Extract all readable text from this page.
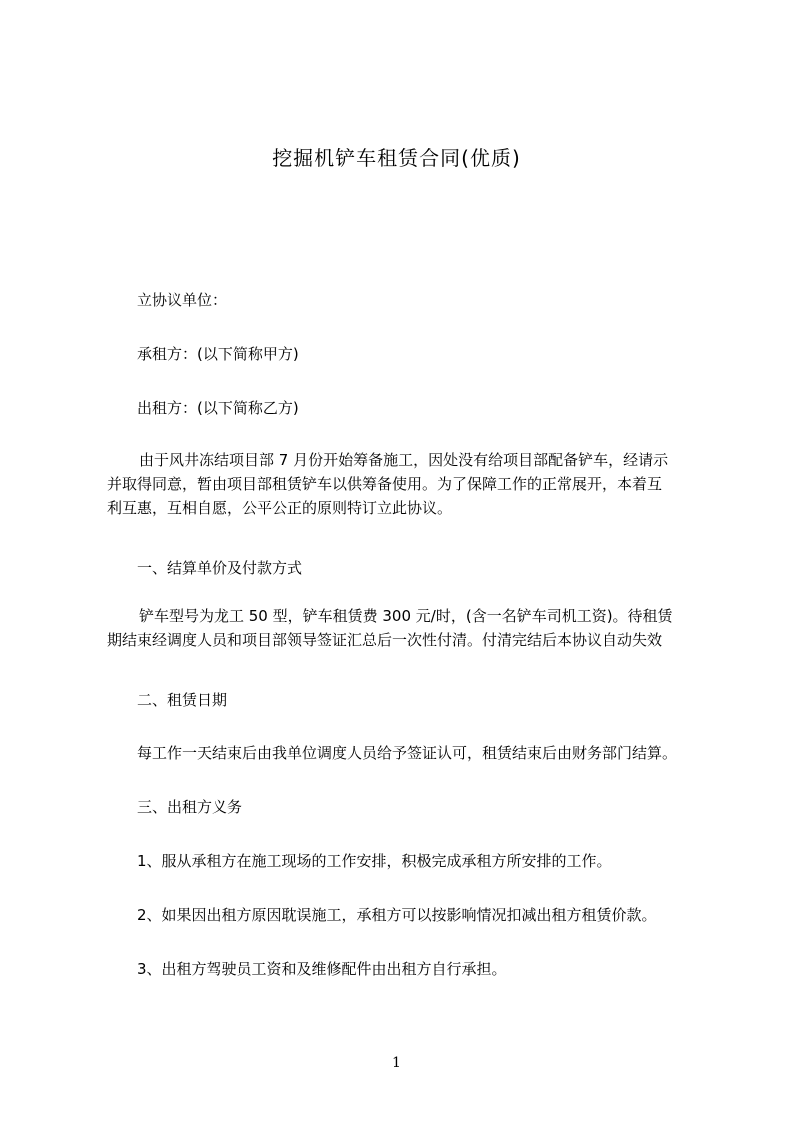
挖掘机铲车租赁合同(优质)
立协议单位：
承租方：(以下简称甲方)
出租方：(以下简称乙方)

由于风井冻结项目部 7 月份开始筹备施工，因处没有给项目部配备铲车，经请示

并取得同意，暂由项目部租赁铲车以供筹备使用。为了保障工作的正常展开，本着互

利互惠，互相自愿，公平公正的原则特订立此协议。

一、结算单价及付款方式

铲车型号为龙工 50 型，铲车租赁费 300 元/时，(含一名铲车司机工资)。待租赁

期结束经调度人员和项目部领导签证汇总后一次性付清。付清完结后本协议自动失效

二、租赁日期
每工作一天结束后由我单位调度人员给予签证认可，租赁结束后由财务部门结算。
三、出租方义务
1、服从承租方在施工现场的工作安排，积极完成承租方所安排的工作。
2、如果因出租方原因耽误施工，承租方可以按影响情况扣减出租方租赁价款。
3、出租方驾驶员工资和及维修配件由出租方自行承担。
1
